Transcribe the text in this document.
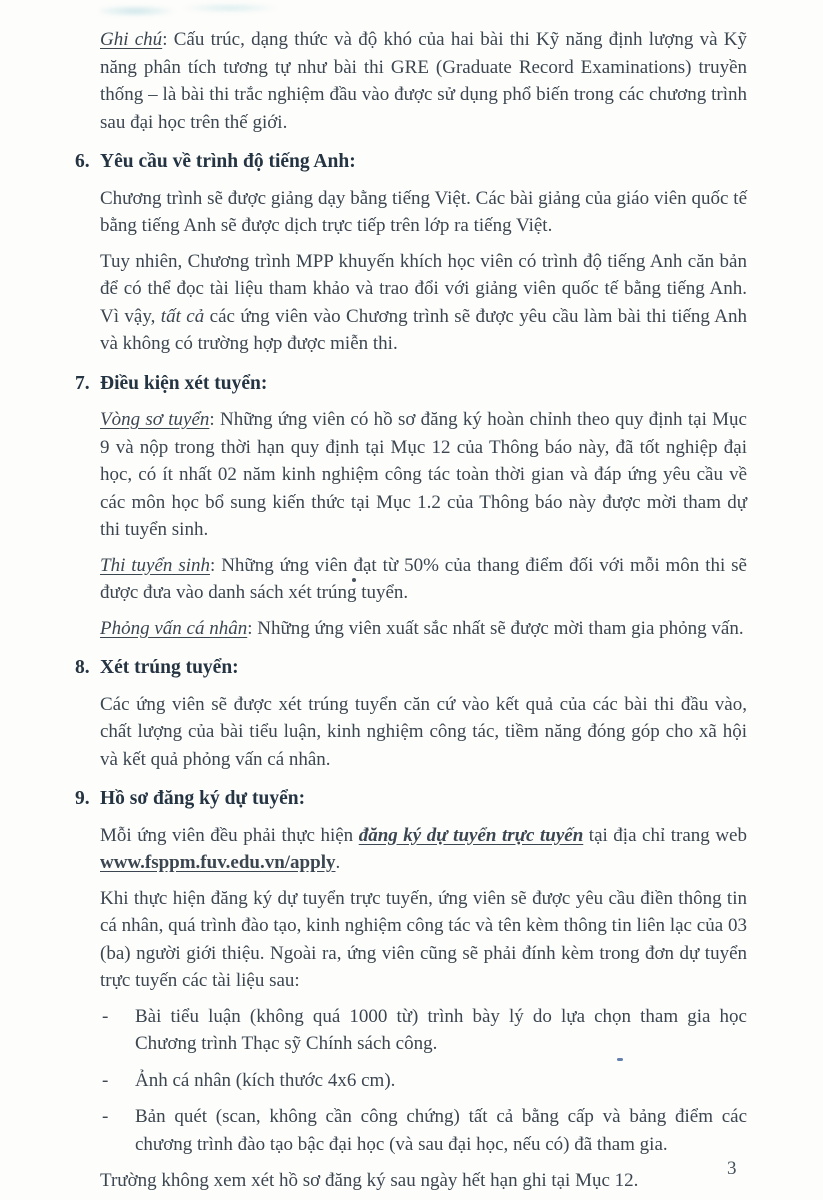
Ghi chú: Cấu trúc, dạng thức và độ khó của hai bài thi Kỹ năng định lượng và Kỹ năng phân tích tương tự như bài thi GRE (Graduate Record Examinations) truyền thống – là bài thi trắc nghiệm đầu vào được sử dụng phổ biến trong các chương trình sau đại học trên thế giới.

6. Yêu cầu về trình độ tiếng Anh:

Chương trình sẽ được giảng dạy bằng tiếng Việt. Các bài giảng của giáo viên quốc tế bằng tiếng Anh sẽ được dịch trực tiếp trên lớp ra tiếng Việt.

Tuy nhiên, Chương trình MPP khuyến khích học viên có trình độ tiếng Anh căn bản để có thể đọc tài liệu tham khảo và trao đổi với giảng viên quốc tế bằng tiếng Anh. Vì vậy, tất cả các ứng viên vào Chương trình sẽ được yêu cầu làm bài thi tiếng Anh và không có trường hợp được miễn thi.

7. Điều kiện xét tuyển:

Vòng sơ tuyển: Những ứng viên có hồ sơ đăng ký hoàn chỉnh theo quy định tại Mục 9 và nộp trong thời hạn quy định tại Mục 12 của Thông báo này, đã tốt nghiệp đại học, có ít nhất 02 năm kinh nghiệm công tác toàn thời gian và đáp ứng yêu cầu về các môn học bổ sung kiến thức tại Mục 1.2 của Thông báo này được mời tham dự thi tuyển sinh.

Thi tuyển sinh: Những ứng viên đạt từ 50% của thang điểm đối với mỗi môn thi sẽ được đưa vào danh sách xét trúng tuyển.

Phỏng vấn cá nhân: Những ứng viên xuất sắc nhất sẽ được mời tham gia phỏng vấn.

8. Xét trúng tuyển:

Các ứng viên sẽ được xét trúng tuyển căn cứ vào kết quả của các bài thi đầu vào, chất lượng của bài tiểu luận, kinh nghiệm công tác, tiềm năng đóng góp cho xã hội và kết quả phỏng vấn cá nhân.

9. Hồ sơ đăng ký dự tuyển:

Mỗi ứng viên đều phải thực hiện đăng ký dự tuyển trực tuyến tại địa chỉ trang web www.fsppm.fuv.edu.vn/apply.

Khi thực hiện đăng ký dự tuyển trực tuyến, ứng viên sẽ được yêu cầu điền thông tin cá nhân, quá trình đào tạo, kinh nghiệm công tác và tên kèm thông tin liên lạc của 03 (ba) người giới thiệu. Ngoài ra, ứng viên cũng sẽ phải đính kèm trong đơn dự tuyển trực tuyến các tài liệu sau:

-	Bài tiểu luận (không quá 1000 từ) trình bày lý do lựa chọn tham gia học Chương trình Thạc sỹ Chính sách công.
-	Ảnh cá nhân (kích thước 4x6 cm).
-	Bản quét (scan, không cần công chứng) tất cả bằng cấp và bảng điểm các chương trình đào tạo bậc đại học (và sau đại học, nếu có) đã tham gia.

Trường không xem xét hồ sơ đăng ký sau ngày hết hạn ghi tại Mục 12.

3
